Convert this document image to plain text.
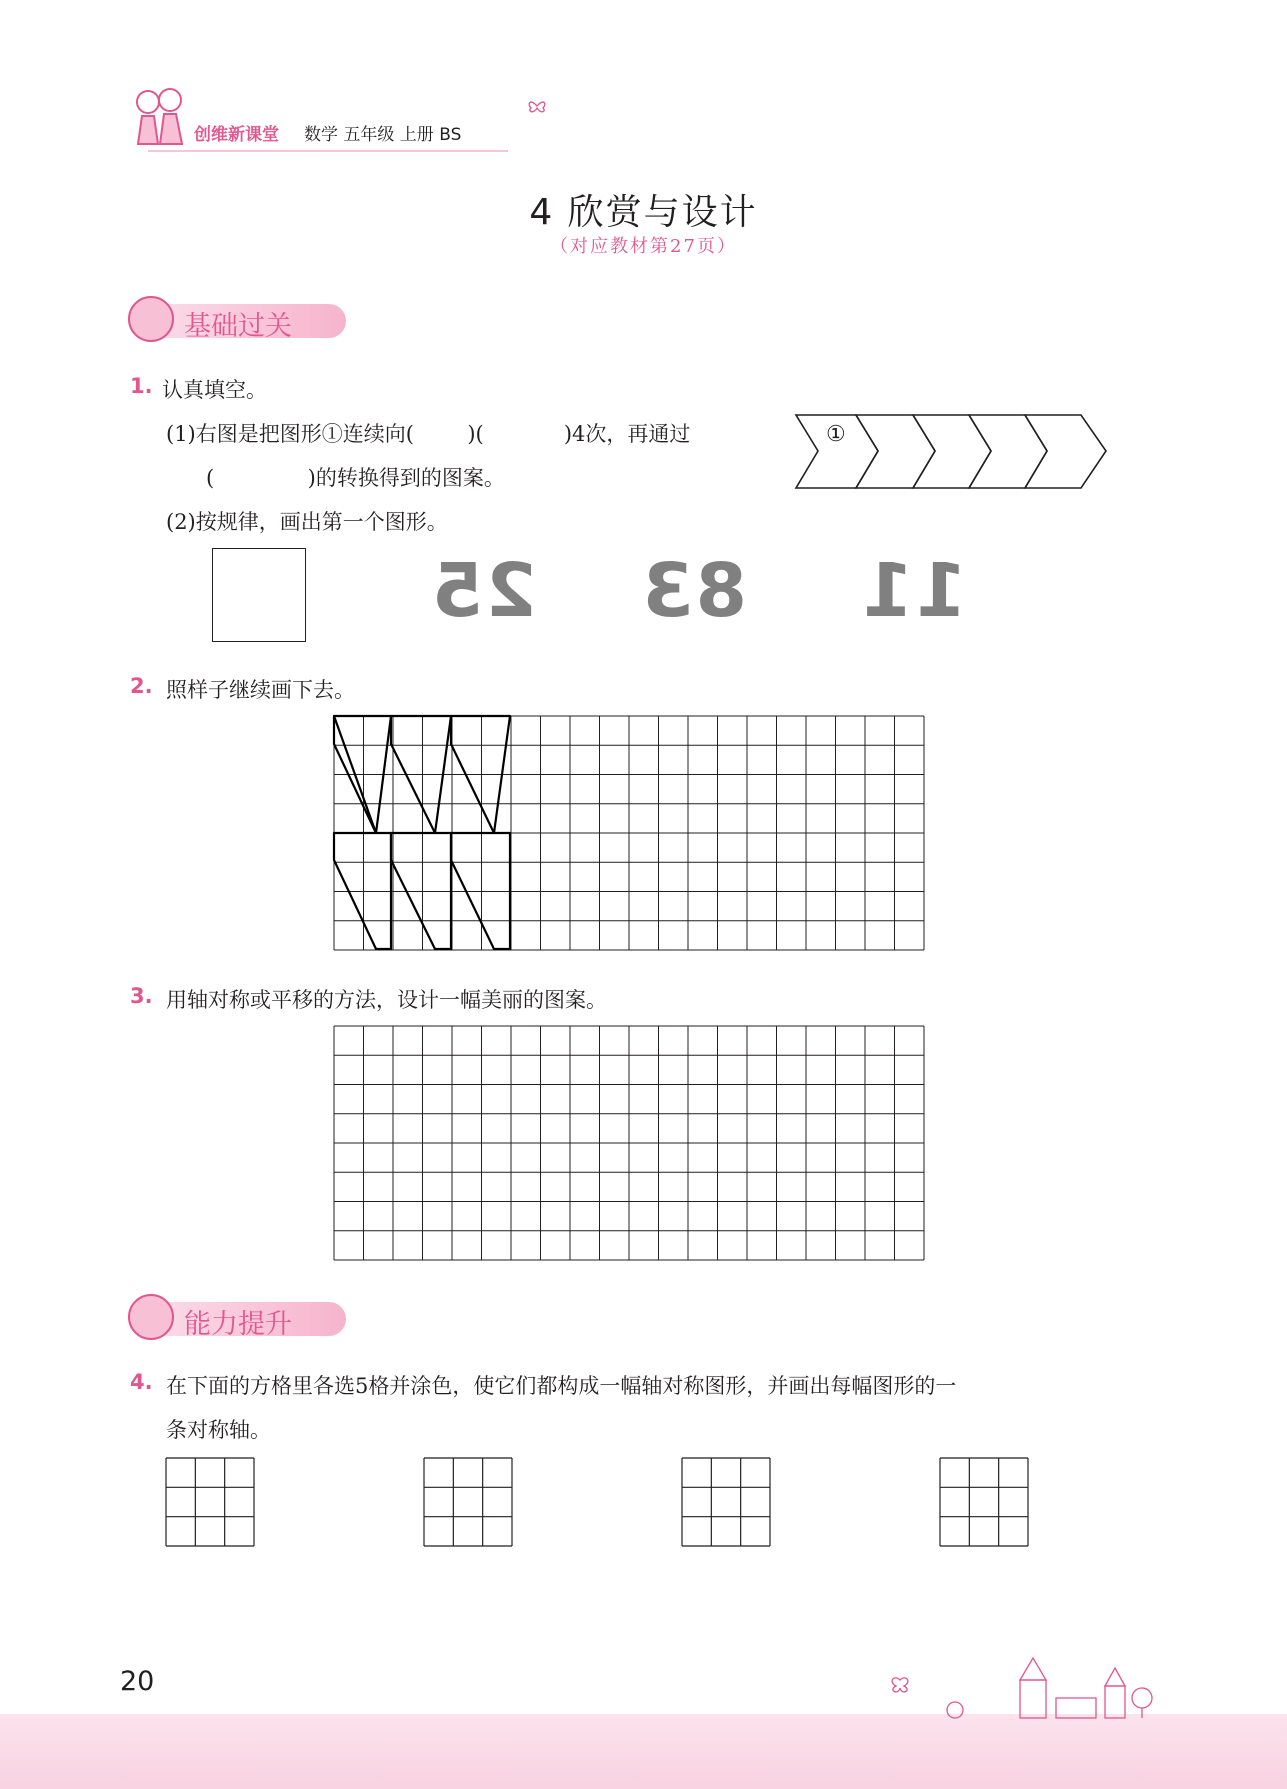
创维新课堂 数学 五年级 上册 BS
4 欣赏与设计
（对应教材第27页）
基础过关
1. 认真填空。
(1)右图是把图形①连续向(        )(            )4次，再通过
(              )的转换得到的图案。
(2)按规律，画出第一个图形。
①
25 83 11
2. 照样子继续画下去。
3. 用轴对称或平移的方法，设计一幅美丽的图案。
能力提升
4. 在下面的方格里各选5格并涂色，使它们都构成一幅轴对称图形，并画出每幅图形的一
条对称轴。
20
